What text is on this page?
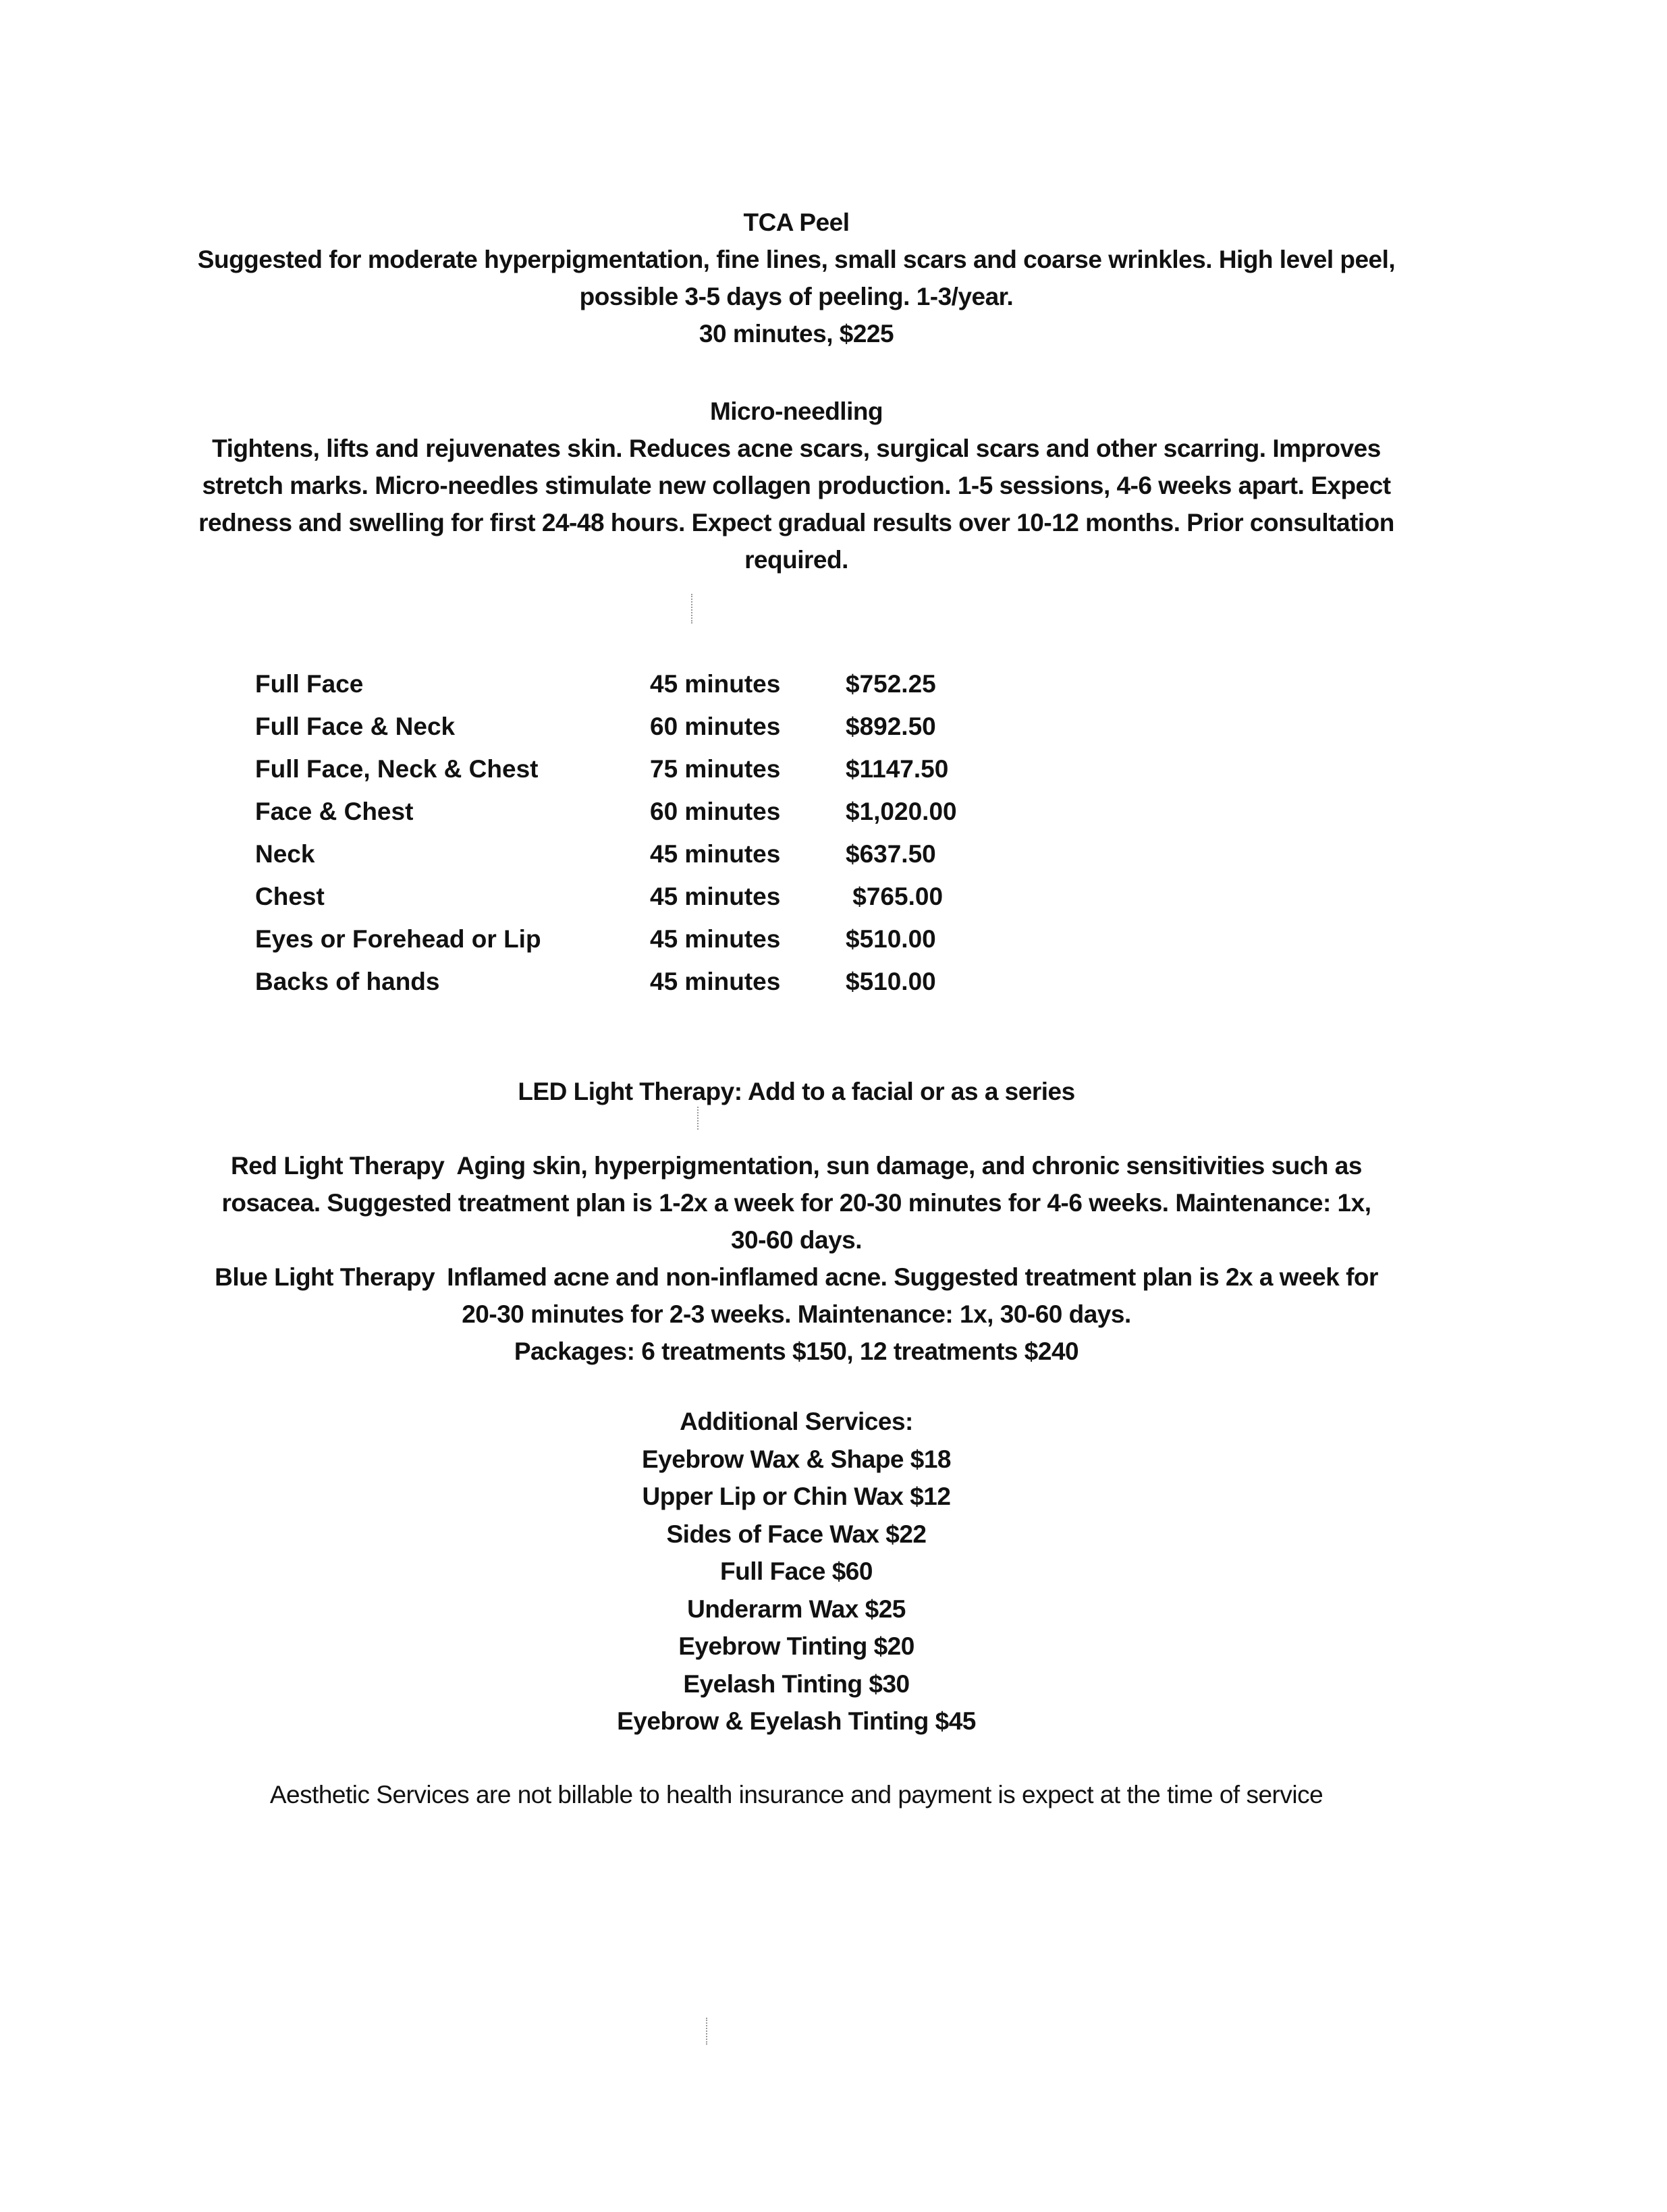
TCA Peel

Suggested for moderate hyperpigmentation, fine lines, small scars and coarse wrinkles. High level peel,

possible 3-5 days of peeling. 1-3/year.

30 minutes, $225

Micro-needling

Tightens, lifts and rejuvenates skin. Reduces acne scars, surgical scars and other scarring. Improves

stretch marks. Micro-needles stimulate new collagen production. 1-5 sessions, 4-6 weeks apart. Expect

redness and swelling for first 24-48 hours. Expect gradual results over 10-12 months. Prior consultation

required.

Full Face	45 minutes	$752.25
Full Face & Neck	60 minutes	$892.50
Full Face, Neck & Chest	75 minutes	$1147.50
Face & Chest	60 minutes	$1,020.00
Neck	45 minutes	$637.50
Chest	45 minutes	$765.00
Eyes or Forehead or Lip	45 minutes	$510.00
Backs of hands	45 minutes	$510.00

LED Light Therapy: Add to a facial or as a series

Red Light Therapy Aging skin, hyperpigmentation, sun damage, and chronic sensitivities such as

rosacea. Suggested treatment plan is 1-2x a week for 20-30 minutes for 4-6 weeks. Maintenance: 1x,

30-60 days.

Blue Light Therapy Inflamed acne and non-inflamed acne. Suggested treatment plan is 2x a week for

20-30 minutes for 2-3 weeks. Maintenance: 1x, 30-60 days.

Packages: 6 treatments $150, 12 treatments $240

Additional Services:

Eyebrow Wax & Shape $18

Upper Lip or Chin Wax $12

Sides of Face Wax $22

Full Face $60

Underarm Wax $25

Eyebrow Tinting $20

Eyelash Tinting $30

Eyebrow & Eyelash Tinting $45

Aesthetic Services are not billable to health insurance and payment is expect at the time of service
